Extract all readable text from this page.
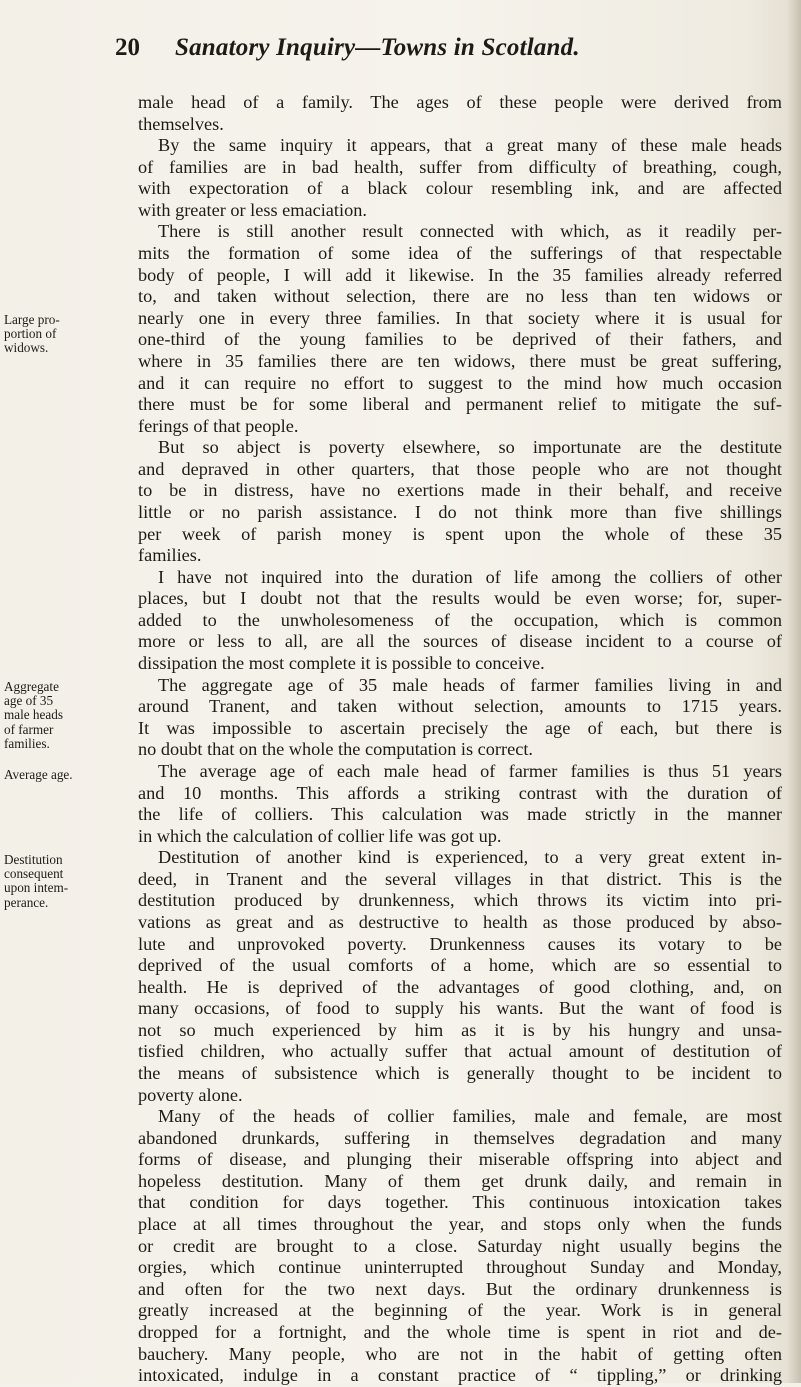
20 Sanatory Inquiry—Towns in Scotland.
Large pro-
portion of
widows.
Aggregate
age of 35
male heads
of farmer
families.
Average age.
Destitution
consequent
upon intem-
perance.
male head of a family. The ages of these people were derived from
themselves.
By the same inquiry it appears, that a great many of these male heads
of families are in bad health, suffer from difficulty of breathing, cough,
with expectoration of a black colour resembling ink, and are affected
with greater or less emaciation.
There is still another result connected with which, as it readily per-
mits the formation of some idea of the sufferings of that respectable
body of people, I will add it likewise. In the 35 families already referred
to, and taken without selection, there are no less than ten widows or
nearly one in every three families. In that society where it is usual for
one-third of the young families to be deprived of their fathers, and
where in 35 families there are ten widows, there must be great suffering,
and it can require no effort to suggest to the mind how much occasion
there must be for some liberal and permanent relief to mitigate the suf-
ferings of that people.
But so abject is poverty elsewhere, so importunate are the destitute
and depraved in other quarters, that those people who are not thought
to be in distress, have no exertions made in their behalf, and receive
little or no parish assistance. I do not think more than five shillings
per week of parish money is spent upon the whole of these 35
families.
I have not inquired into the duration of life among the colliers of other
places, but I doubt not that the results would be even worse; for, super-
added to the unwholesomeness of the occupation, which is common
more or less to all, are all the sources of disease incident to a course of
dissipation the most complete it is possible to conceive.
The aggregate age of 35 male heads of farmer families living in and
around Tranent, and taken without selection, amounts to 1715 years.
It was impossible to ascertain precisely the age of each, but there is
no doubt that on the whole the computation is correct.
The average age of each male head of farmer families is thus 51 years
and 10 months. This affords a striking contrast with the duration of
the life of colliers. This calculation was made strictly in the manner
in which the calculation of collier life was got up.
Destitution of another kind is experienced, to a very great extent in-
deed, in Tranent and the several villages in that district. This is the
destitution produced by drunkenness, which throws its victim into pri-
vations as great and as destructive to health as those produced by abso-
lute and unprovoked poverty. Drunkenness causes its votary to be
deprived of the usual comforts of a home, which are so essential to
health. He is deprived of the advantages of good clothing, and, on
many occasions, of food to supply his wants. But the want of food is
not so much experienced by him as it is by his hungry and unsa-
tisfied children, who actually suffer that actual amount of destitution of
the means of subsistence which is generally thought to be incident to
poverty alone.
Many of the heads of collier families, male and female, are most
abandoned drunkards, suffering in themselves degradation and many
forms of disease, and plunging their miserable offspring into abject and
hopeless destitution. Many of them get drunk daily, and remain in
that condition for days together. This continuous intoxication takes
place at all times throughout the year, and stops only when the funds
or credit are brought to a close. Saturday night usually begins the
orgies, which continue uninterrupted throughout Sunday and Monday,
and often for the two next days. But the ordinary drunkenness is
greatly increased at the beginning of the year. Work is in general
dropped for a fortnight, and the whole time is spent in riot and de-
bauchery. Many people, who are not in the habit of getting often
intoxicated, indulge in a constant practice of “ tippling,” or drinking
